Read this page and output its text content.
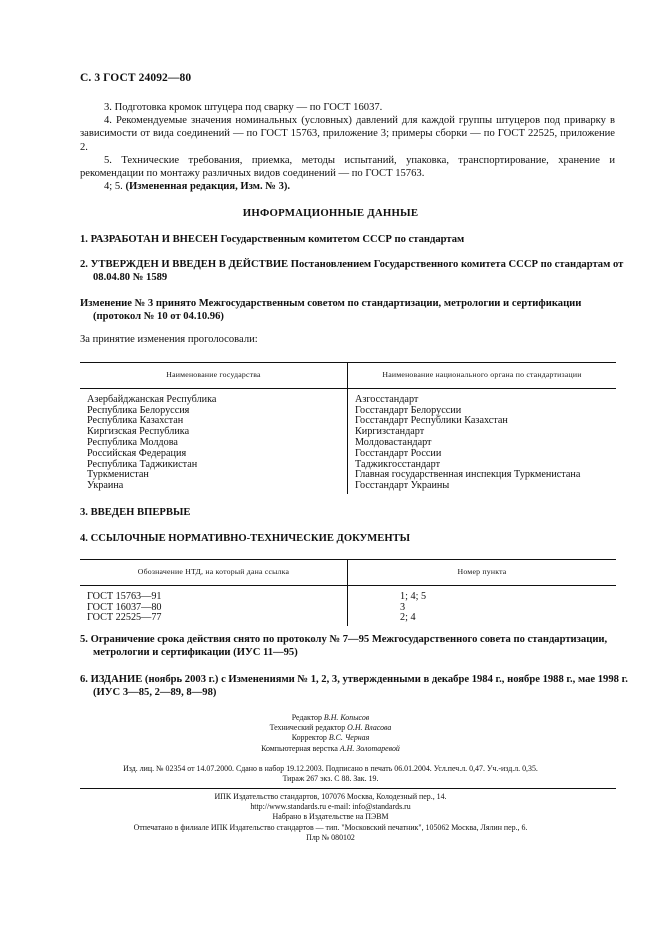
С. 3 ГОСТ 24092—80
3. Подготовка кромок штуцера под сварку — по ГОСТ 16037.
4. Рекомендуемые значения номинальных (условных) давлений для каждой группы штуцеров под приварку в зависимости от вида соединений — по ГОСТ 15763, приложение 3; примеры сборки — по ГОСТ 22525, приложение 2.
5. Технические требования, приемка, методы испытаний, упаковка, транспортирование, хранение и рекомендации по монтажу различных видов соединений — по ГОСТ 15763.
4; 5. (Измененная редакция, Изм. № 3).
ИНФОРМАЦИОННЫЕ ДАННЫЕ
1. РАЗРАБОТАН И ВНЕСЕН Государственным комитетом СССР по стандартам
2. УТВЕРЖДЕН И ВВЕДЕН В ДЕЙСТВИЕ Постановлением Государственного комитета СССР по стандартам от 08.04.80 № 1589
Изменение № 3 принято Межгосударственным советом по стандартизации, метрологии и сертификации (протокол № 10 от 04.10.96)
За принятие изменения проголосовали:
Наименование государства	Наименование национального органа по стандартизации
Азербайджанская Республика	Азгосстандарт
Республика Белоруссия	Госстандарт Белоруссии
Республика Казахстан	Госстандарт Республики Казахстан
Киргизская Республика	Киргизстандарт
Республика Молдова	Молдовастандарт
Российская Федерация	Госстандарт России
Республика Таджикистан	Таджикгосстандарт
Туркменистан	Главная государственная инспекция Туркменистана
Украина	Госстандарт Украины
3. ВВЕДЕН ВПЕРВЫЕ
4. ССЫЛОЧНЫЕ НОРМАТИВНО-ТЕХНИЧЕСКИЕ ДОКУМЕНТЫ
Обозначение НТД, на который дана ссылка	Номер пункта
ГОСТ 15763—91	1; 4; 5
ГОСТ 16037—80	3
ГОСТ 22525—77	2; 4
5. Ограничение срока действия снято по протоколу № 7—95 Межгосударственного совета по стандартизации, метрологии и сертификации (ИУС 11—95)
6. ИЗДАНИЕ (ноябрь 2003 г.) с Изменениями № 1, 2, 3, утвержденными в декабре 1984 г., ноябре 1988 г., мае 1998 г. (ИУС 3—85, 2—89, 8—98)
Редактор В.Н. Копысов
Технический редактор О.Н. Власова
Корректор В.С. Черная
Компьютерная верстка А.Н. Золотаревой
Изд. лиц. № 02354 от 14.07.2000. Сдано в набор 19.12.2003. Подписано в печать 06.01.2004. Усл.печ.л. 0,47. Уч.-изд.л. 0,35.
Тираж 267 экз. С 88. Зак. 19.
ИПК Издательство стандартов, 107076 Москва, Колодезный пер., 14.
http://www.standards.ru e-mail: info@standards.ru
Набрано в Издательстве на ПЭВМ
Отпечатано в филиале ИПК Издательство стандартов — тип. "Московский печатник", 105062 Москва, Лялин пер., 6.
Плр № 080102
